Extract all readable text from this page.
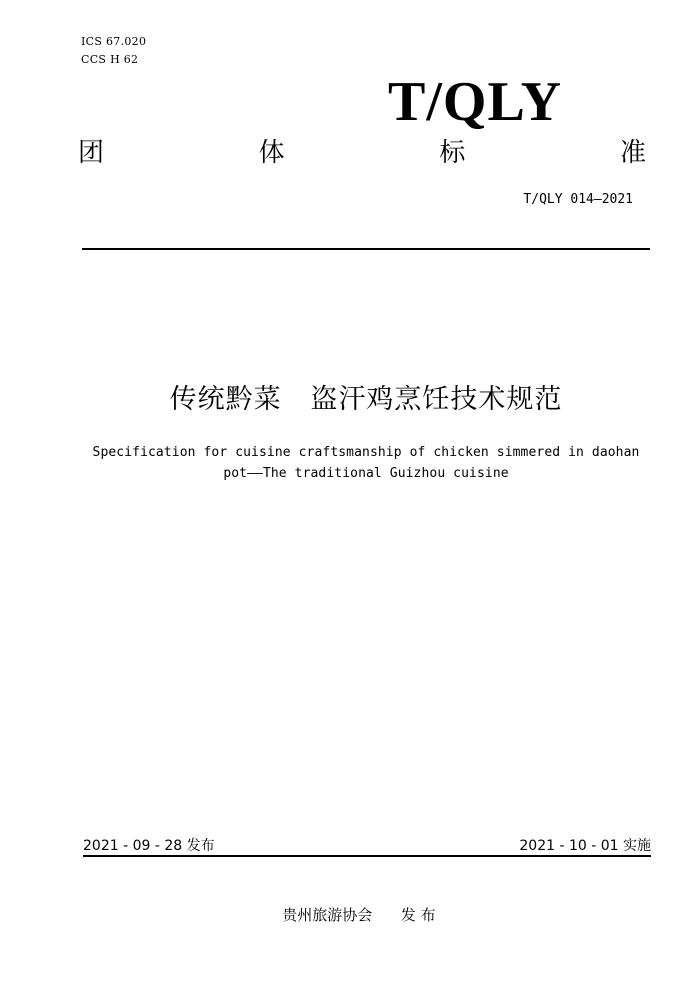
ICS 67.020
CCS H 62
T/QLY
团	体	标	准
T/QLY 014—2021
传统黔菜   盗汗鸡烹饪技术规范
Specification for cuisine craftsmanship of chicken simmered in daohan pot——The traditional Guizhou cuisine
2021 - 09 - 28 发布	2021 - 10 - 01 实施
贵州旅游协会      发 布
